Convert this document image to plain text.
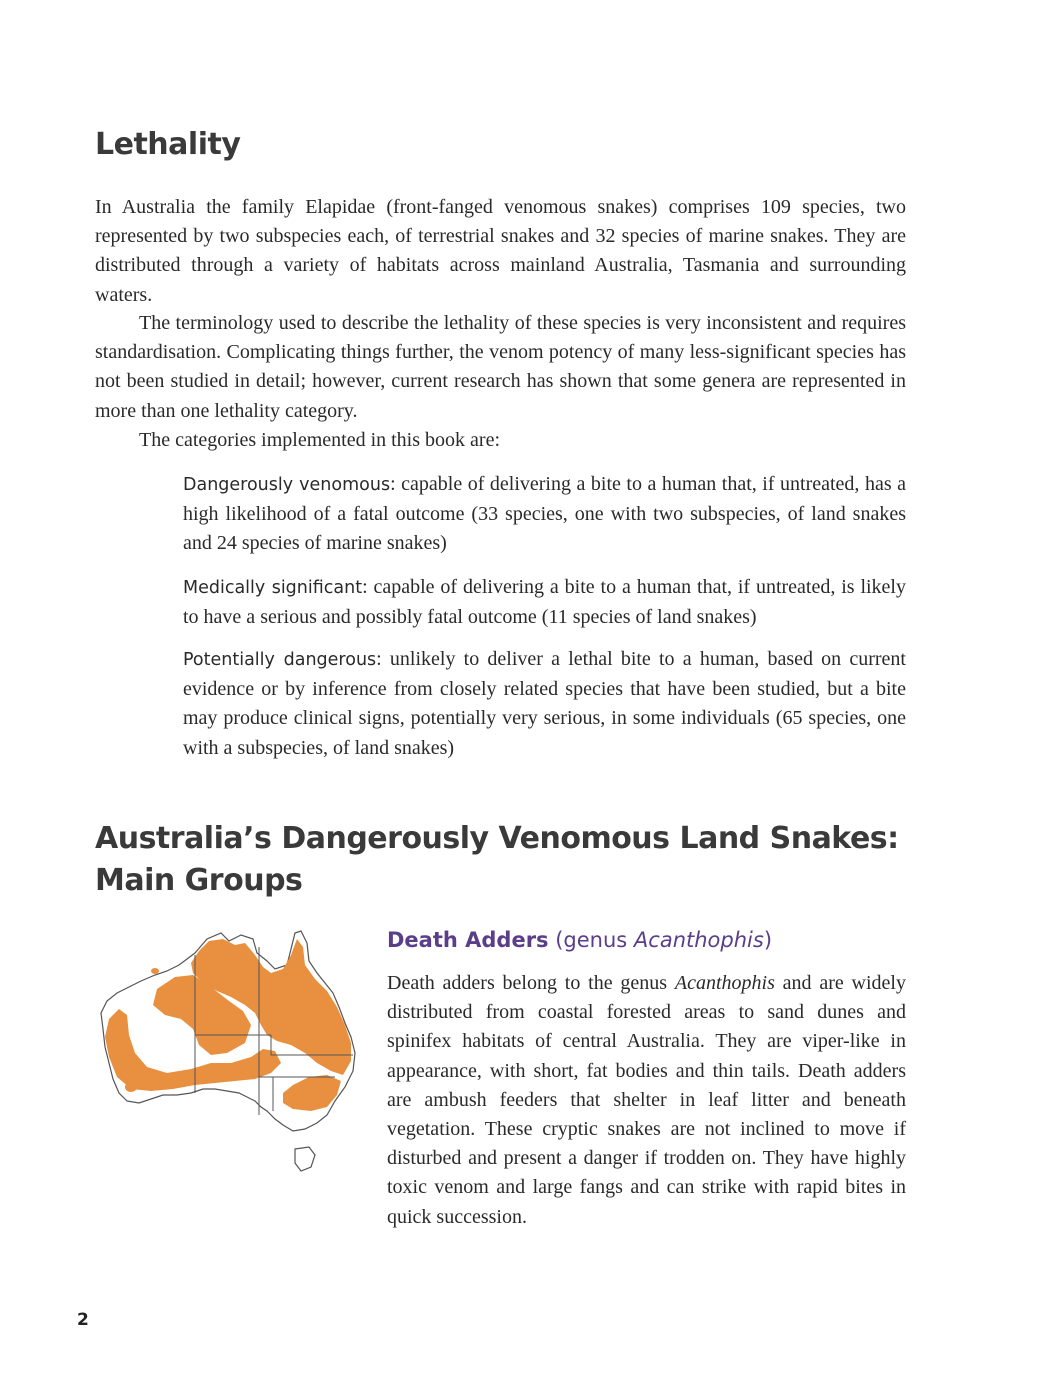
Lethality

In Australia the family Elapidae (front-fanged venomous snakes) comprises 109 species, two represented by two subspecies each, of terrestrial snakes and 32 species of marine snakes. They are distributed through a variety of habitats across mainland Australia, Tasmania and surrounding waters.

The terminology used to describe the lethality of these species is very inconsistent and requires standardisation. Complicating things further, the venom potency of many less-significant species has not been studied in detail; however, current research has shown that some genera are represented in more than one lethality category.

The categories implemented in this book are:

Dangerously venomous: capable of delivering a bite to a human that, if untreated, has a high likelihood of a fatal outcome (33 species, one with two subspecies, of land snakes and 24 species of marine snakes)

Medically significant: capable of delivering a bite to a human that, if untreated, is likely to have a serious and possibly fatal outcome (11 species of land snakes)

Potentially dangerous: unlikely to deliver a lethal bite to a human, based on current evidence or by inference from closely related species that have been studied, but a bite may produce clinical signs, potentially very serious, in some individuals (65 species, one with a subspecies, of land snakes)

Australia’s Dangerously Venomous Land Snakes:
Main Groups

Death Adders (genus Acanthophis)

Death adders belong to the genus Acanthophis and are widely distributed from coastal forested areas to sand dunes and spinifex habitats of central Australia. They are viper-like in appearance, with short, fat bodies and thin tails. Death adders are ambush feeders that shelter in leaf litter and beneath vegetation. These cryptic snakes are not inclined to move if disturbed and present a danger if trodden on. They have highly toxic venom and large fangs and can strike with rapid bites in quick succession.

2
